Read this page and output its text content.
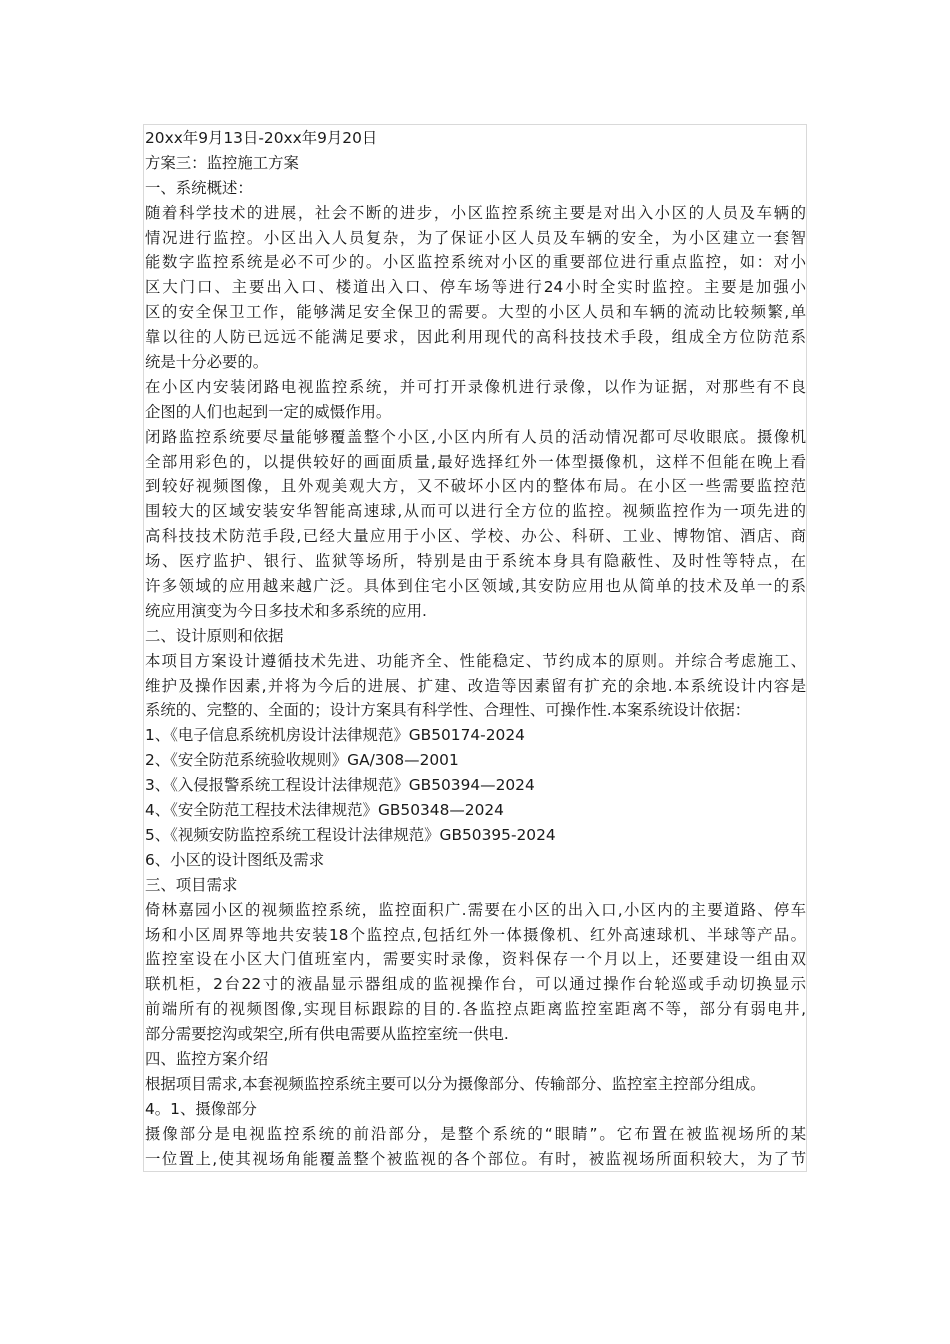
20xx年9月13日-20xx年9月20日
方案三：监控施工方案
一、系统概述：
随着科学技术的进展，社会不断的进步，小区监控系统主要是对出入小区的人员及车辆的
情况进行监控。小区出入人员复杂，为了保证小区人员及车辆的安全，为小区建立一套智
能数字监控系统是必不可少的。小区监控系统对小区的重要部位进行重点监控，如：对小
区大门口、主要出入口、楼道出入口、停车场等进行24小时全实时监控。主要是加强小
区的安全保卫工作，能够满足安全保卫的需要。大型的小区人员和车辆的流动比较频繁,单
靠以往的人防已远远不能满足要求，因此利用现代的高科技技术手段，组成全方位防范系
统是十分必要的。
在小区内安装闭路电视监控系统，并可打开录像机进行录像，以作为证据，对那些有不良
企图的人们也起到一定的威慑作用。
闭路监控系统要尽量能够覆盖整个小区,小区内所有人员的活动情况都可尽收眼底。摄像机
全部用彩色的，以提供较好的画面质量,最好选择红外一体型摄像机，这样不但能在晚上看
到较好视频图像，且外观美观大方，又不破坏小区内的整体布局。在小区一些需要监控范
围较大的区域安装安华智能高速球,从而可以进行全方位的监控。视频监控作为一项先进的
高科技技术防范手段,已经大量应用于小区、学校、办公、科研、工业、博物馆、酒店、商
场、医疗监护、银行、监狱等场所，特别是由于系统本身具有隐蔽性、及时性等特点，在
许多领域的应用越来越广泛。具体到住宅小区领域,其安防应用也从简单的技术及单一的系
统应用演变为今日多技术和多系统的应用.
二、设计原则和依据
本项目方案设计遵循技术先进、功能齐全、性能稳定、节约成本的原则。并综合考虑施工、
维护及操作因素,并将为今后的进展、扩建、改造等因素留有扩充的余地.本系统设计内容是
系统的、完整的、全面的；设计方案具有科学性、合理性、可操作性.本案系统设计依据：
1、《电子信息系统机房设计法律规范》GB50174-2024
2、《安全防范系统验收规则》GA/308—2001
3、《入侵报警系统工程设计法律规范》GB50394—2024
4、《安全防范工程技术法律规范》GB50348—2024
5、《视频安防监控系统工程设计法律规范》GB50395-2024
6、小区的设计图纸及需求
三、项目需求
倚林嘉园小区的视频监控系统，监控面积广.需要在小区的出入口,小区内的主要道路、停车
场和小区周界等地共安装18个监控点,包括红外一体摄像机、红外高速球机、半球等产品。
监控室设在小区大门值班室内，需要实时录像，资料保存一个月以上，还要建设一组由双
联机柜，2台22寸的液晶显示器组成的监视操作台，可以通过操作台轮巡或手动切换显示
前端所有的视频图像,实现目标跟踪的目的.各监控点距离监控室距离不等，部分有弱电井,
部分需要挖沟或架空,所有供电需要从监控室统一供电.
四、监控方案介绍
根据项目需求,本套视频监控系统主要可以分为摄像部分、传输部分、监控室主控部分组成。
4。1、摄像部分
摄像部分是电视监控系统的前沿部分，是整个系统的“眼睛”。它布置在被监视场所的某
一位置上,使其视场角能覆盖整个被监视的各个部位。有时，被监视场所面积较大，为了节
